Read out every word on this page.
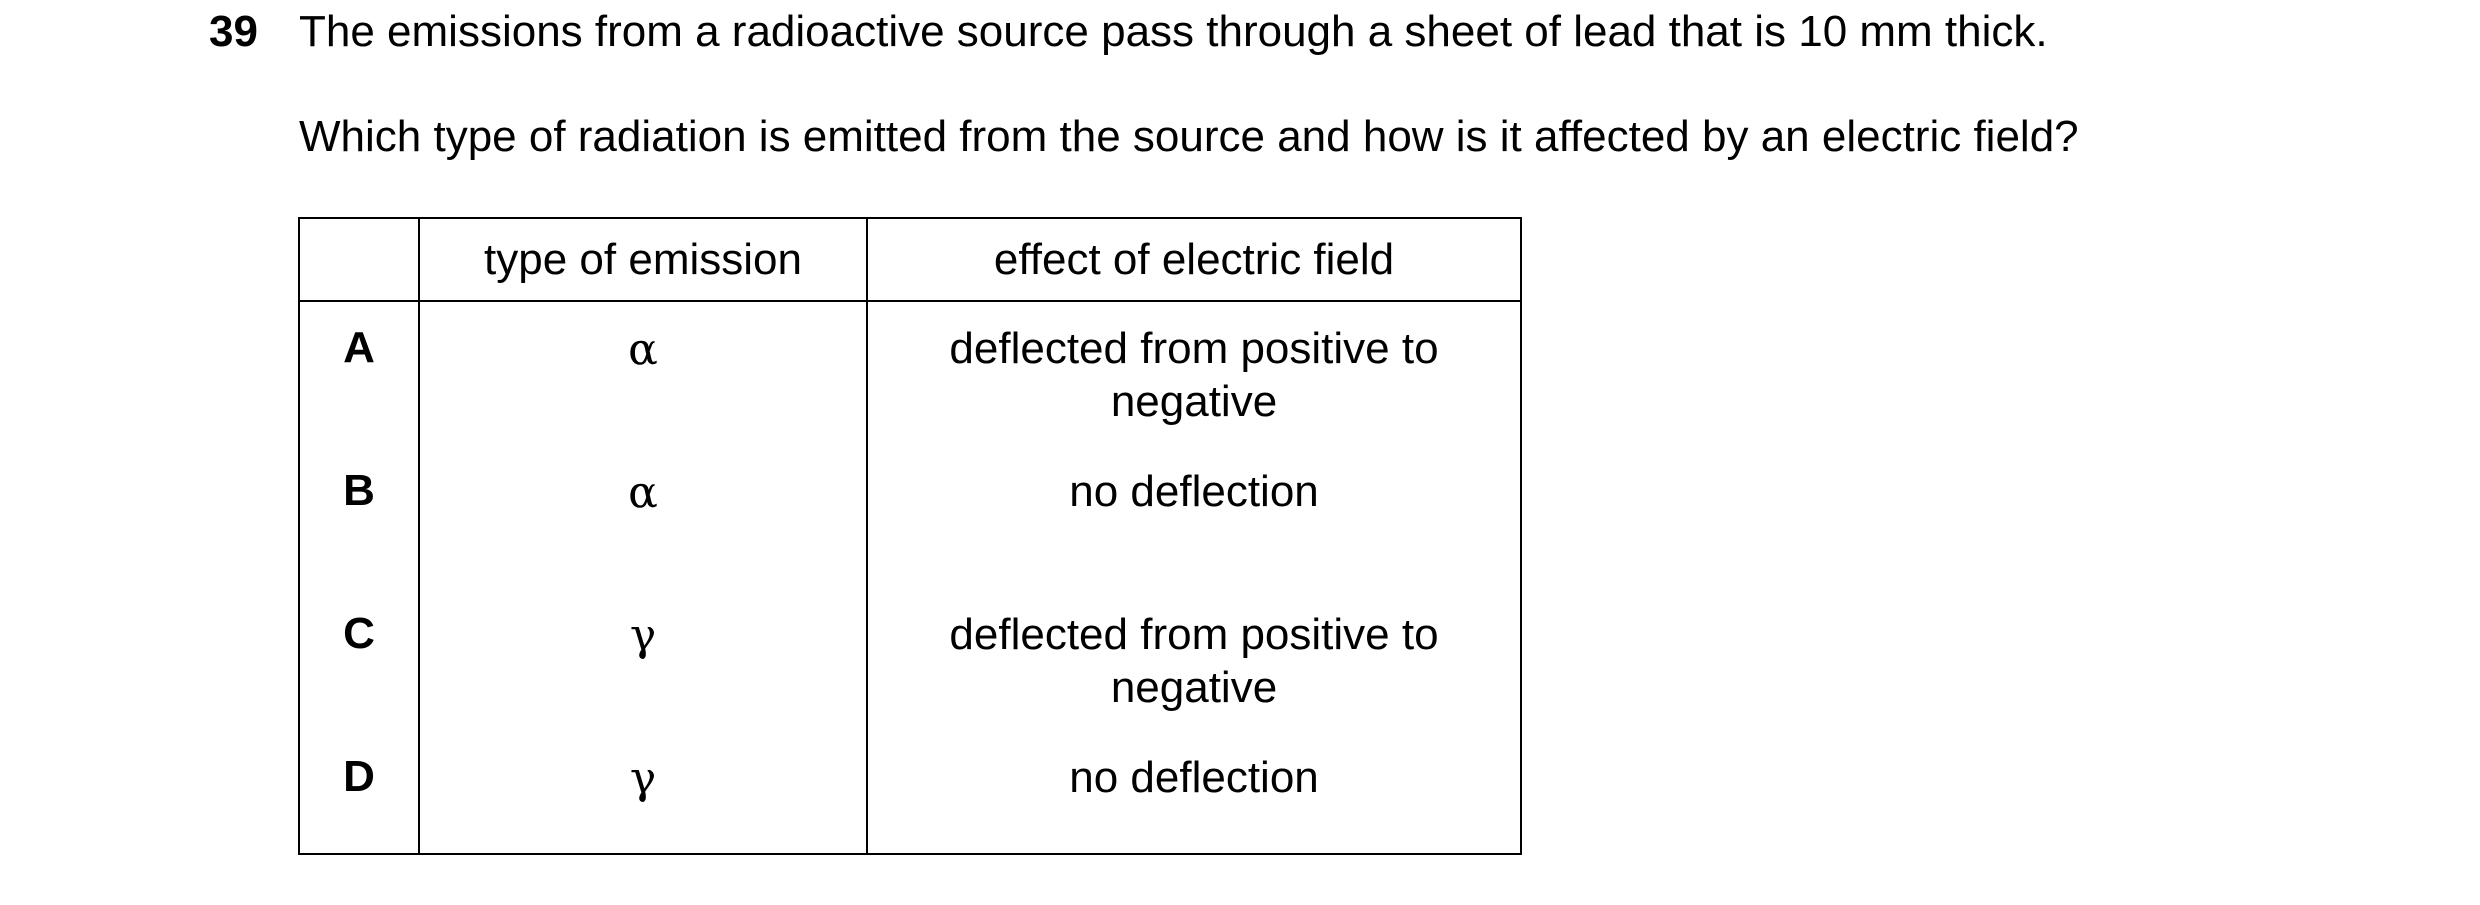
39 The emissions from a radioactive source pass through a sheet of lead that is 10 mm thick.
Which type of radiation is emitted from the source and how is it affected by an electric field?
	type of emission	effect of electric field

A	α	deflected from positive to
negative

B	α	no deflection

C	γ	deflected from positive to
negative

D	γ	no deflection
